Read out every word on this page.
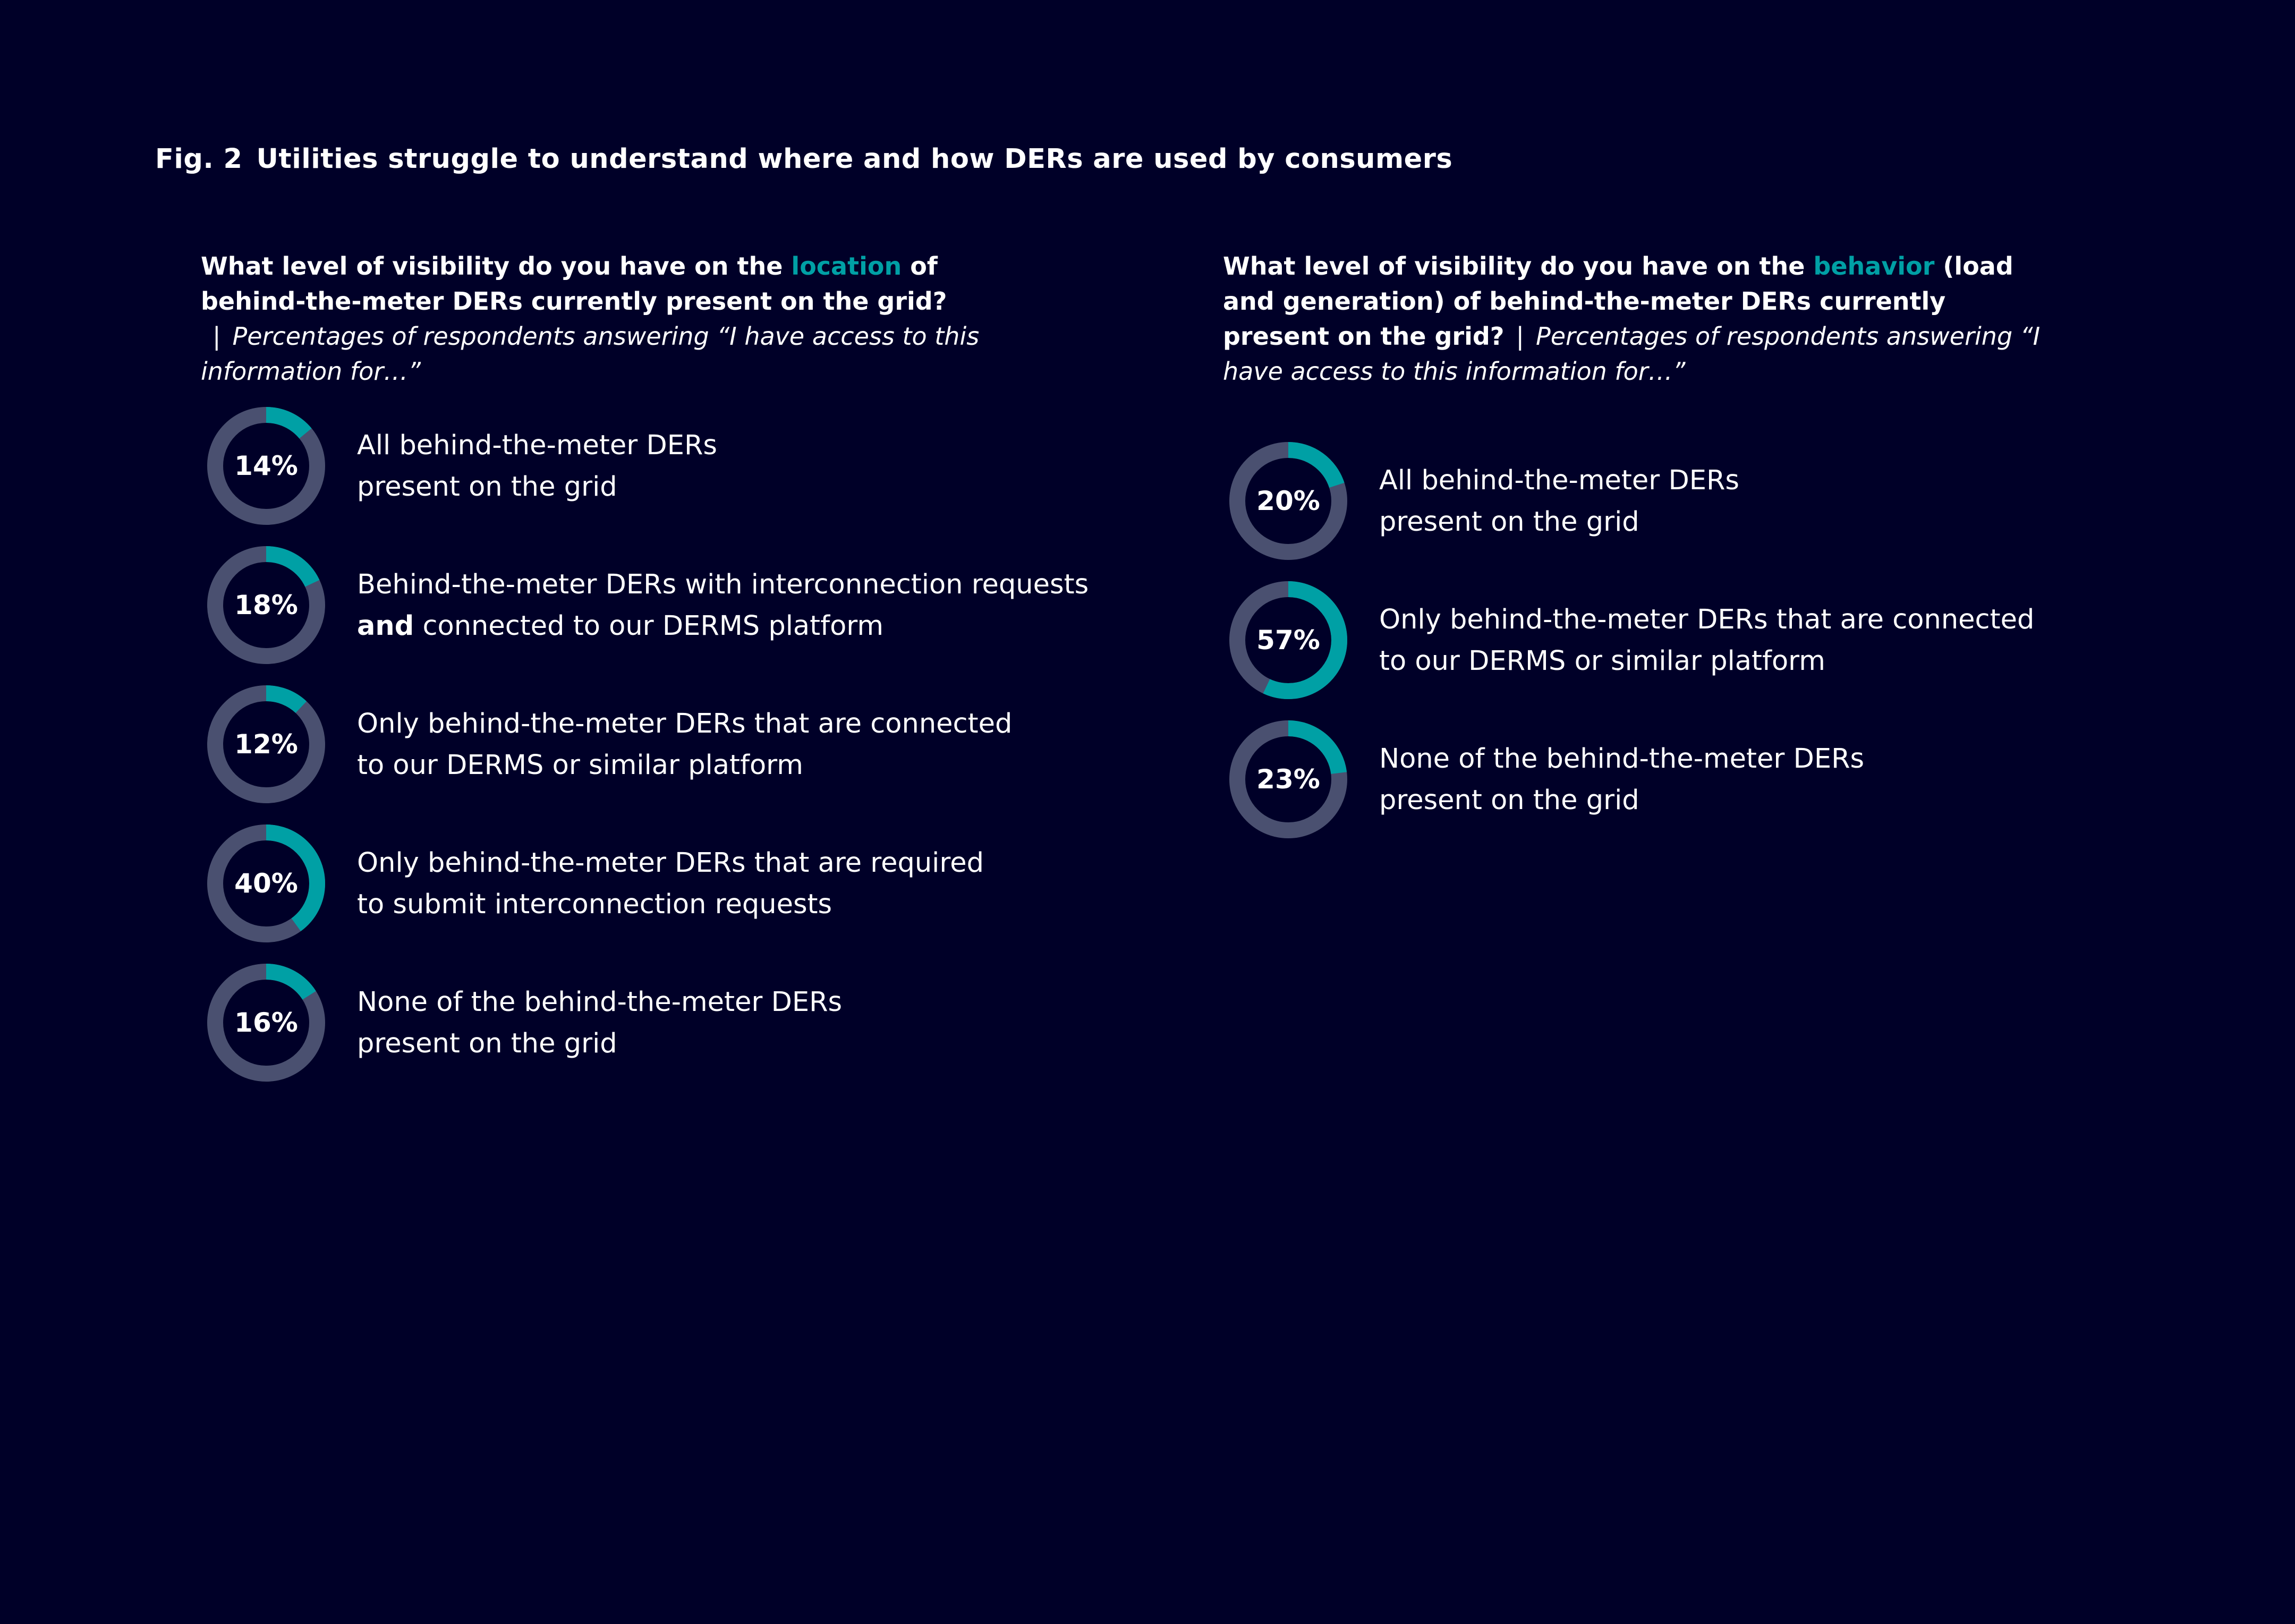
Fig. 2 Utilities struggle to understand where and how DERs are used by consumers

What level of visibility do you have on the location of behind-the-meter DERs currently present on the grid?| Percentages of respondents answering “I have access to this information for…”

14%
All behind-the-meter DERs
present on the grid
18%
Behind-the-meter DERs with interconnection requests
and connected to our DERMS platform
12%
Only behind-the-meter DERs that are connected
to our DERMS or similar platform
40%
Only behind-the-meter DERs that are required
to submit interconnection requests
16%
None of the behind-the-meter DERs
present on the grid

What level of visibility do you have on the behavior (load and generation) of behind-the-meter DERs currently present on the grid? | Percentages of respondents answering “I have access to this information for…”

20%
All behind-the-meter DERs
present on the grid
57%
Only behind-the-meter DERs that are connected
to our DERMS or similar platform
23%
None of the behind-the-meter DERs
present on the grid
